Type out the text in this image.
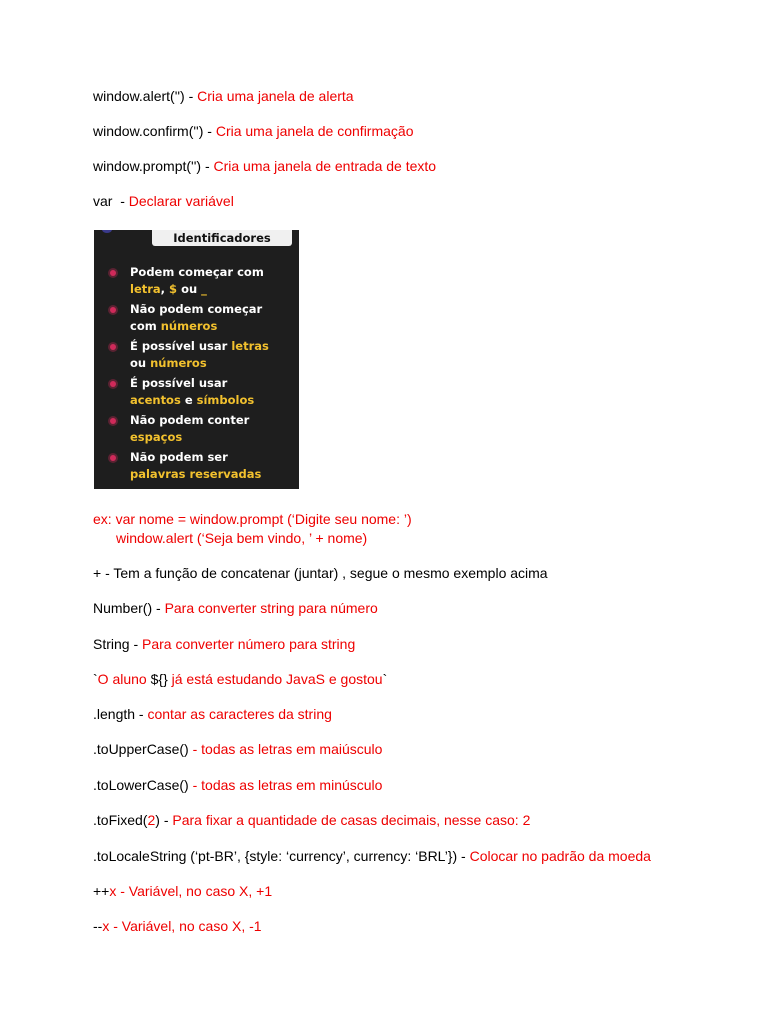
window.alert('') - Cria uma janela de alerta
window.confirm('') - Cria uma janela de confirmação
window.prompt('') - Cria uma janela de entrada de texto
var  - Declarar variável
Identificadores
Podem começar com
letra, $ ou _
Não podem começar
com números
É possível usar letras
ou números
É possível usar
acentos e símbolos
Não podem conter
espaços
Não podem ser
palavras reservadas
ex: var nome = window.prompt (‘Digite seu nome: ’)
window.alert (‘Seja bem vindo, ’ + nome)
+ - Tem a função de concatenar (juntar) , segue o mesmo exemplo acima
Number() - Para converter string para número
String - Para converter número para string
`O aluno ${} já está estudando JavaS e gostou`
.length - contar as caracteres da string
.toUpperCase() - todas as letras em maiúsculo
.toLowerCase() - todas as letras em minúsculo
.toFixed(2) - Para fixar a quantidade de casas decimais, nesse caso: 2
.toLocaleString (‘pt-BR’, {style: ‘currency’, currency: ‘BRL’}) - Colocar no padrão da moeda
++x - Variável, no caso X, +1
--x - Variável, no caso X, -1
